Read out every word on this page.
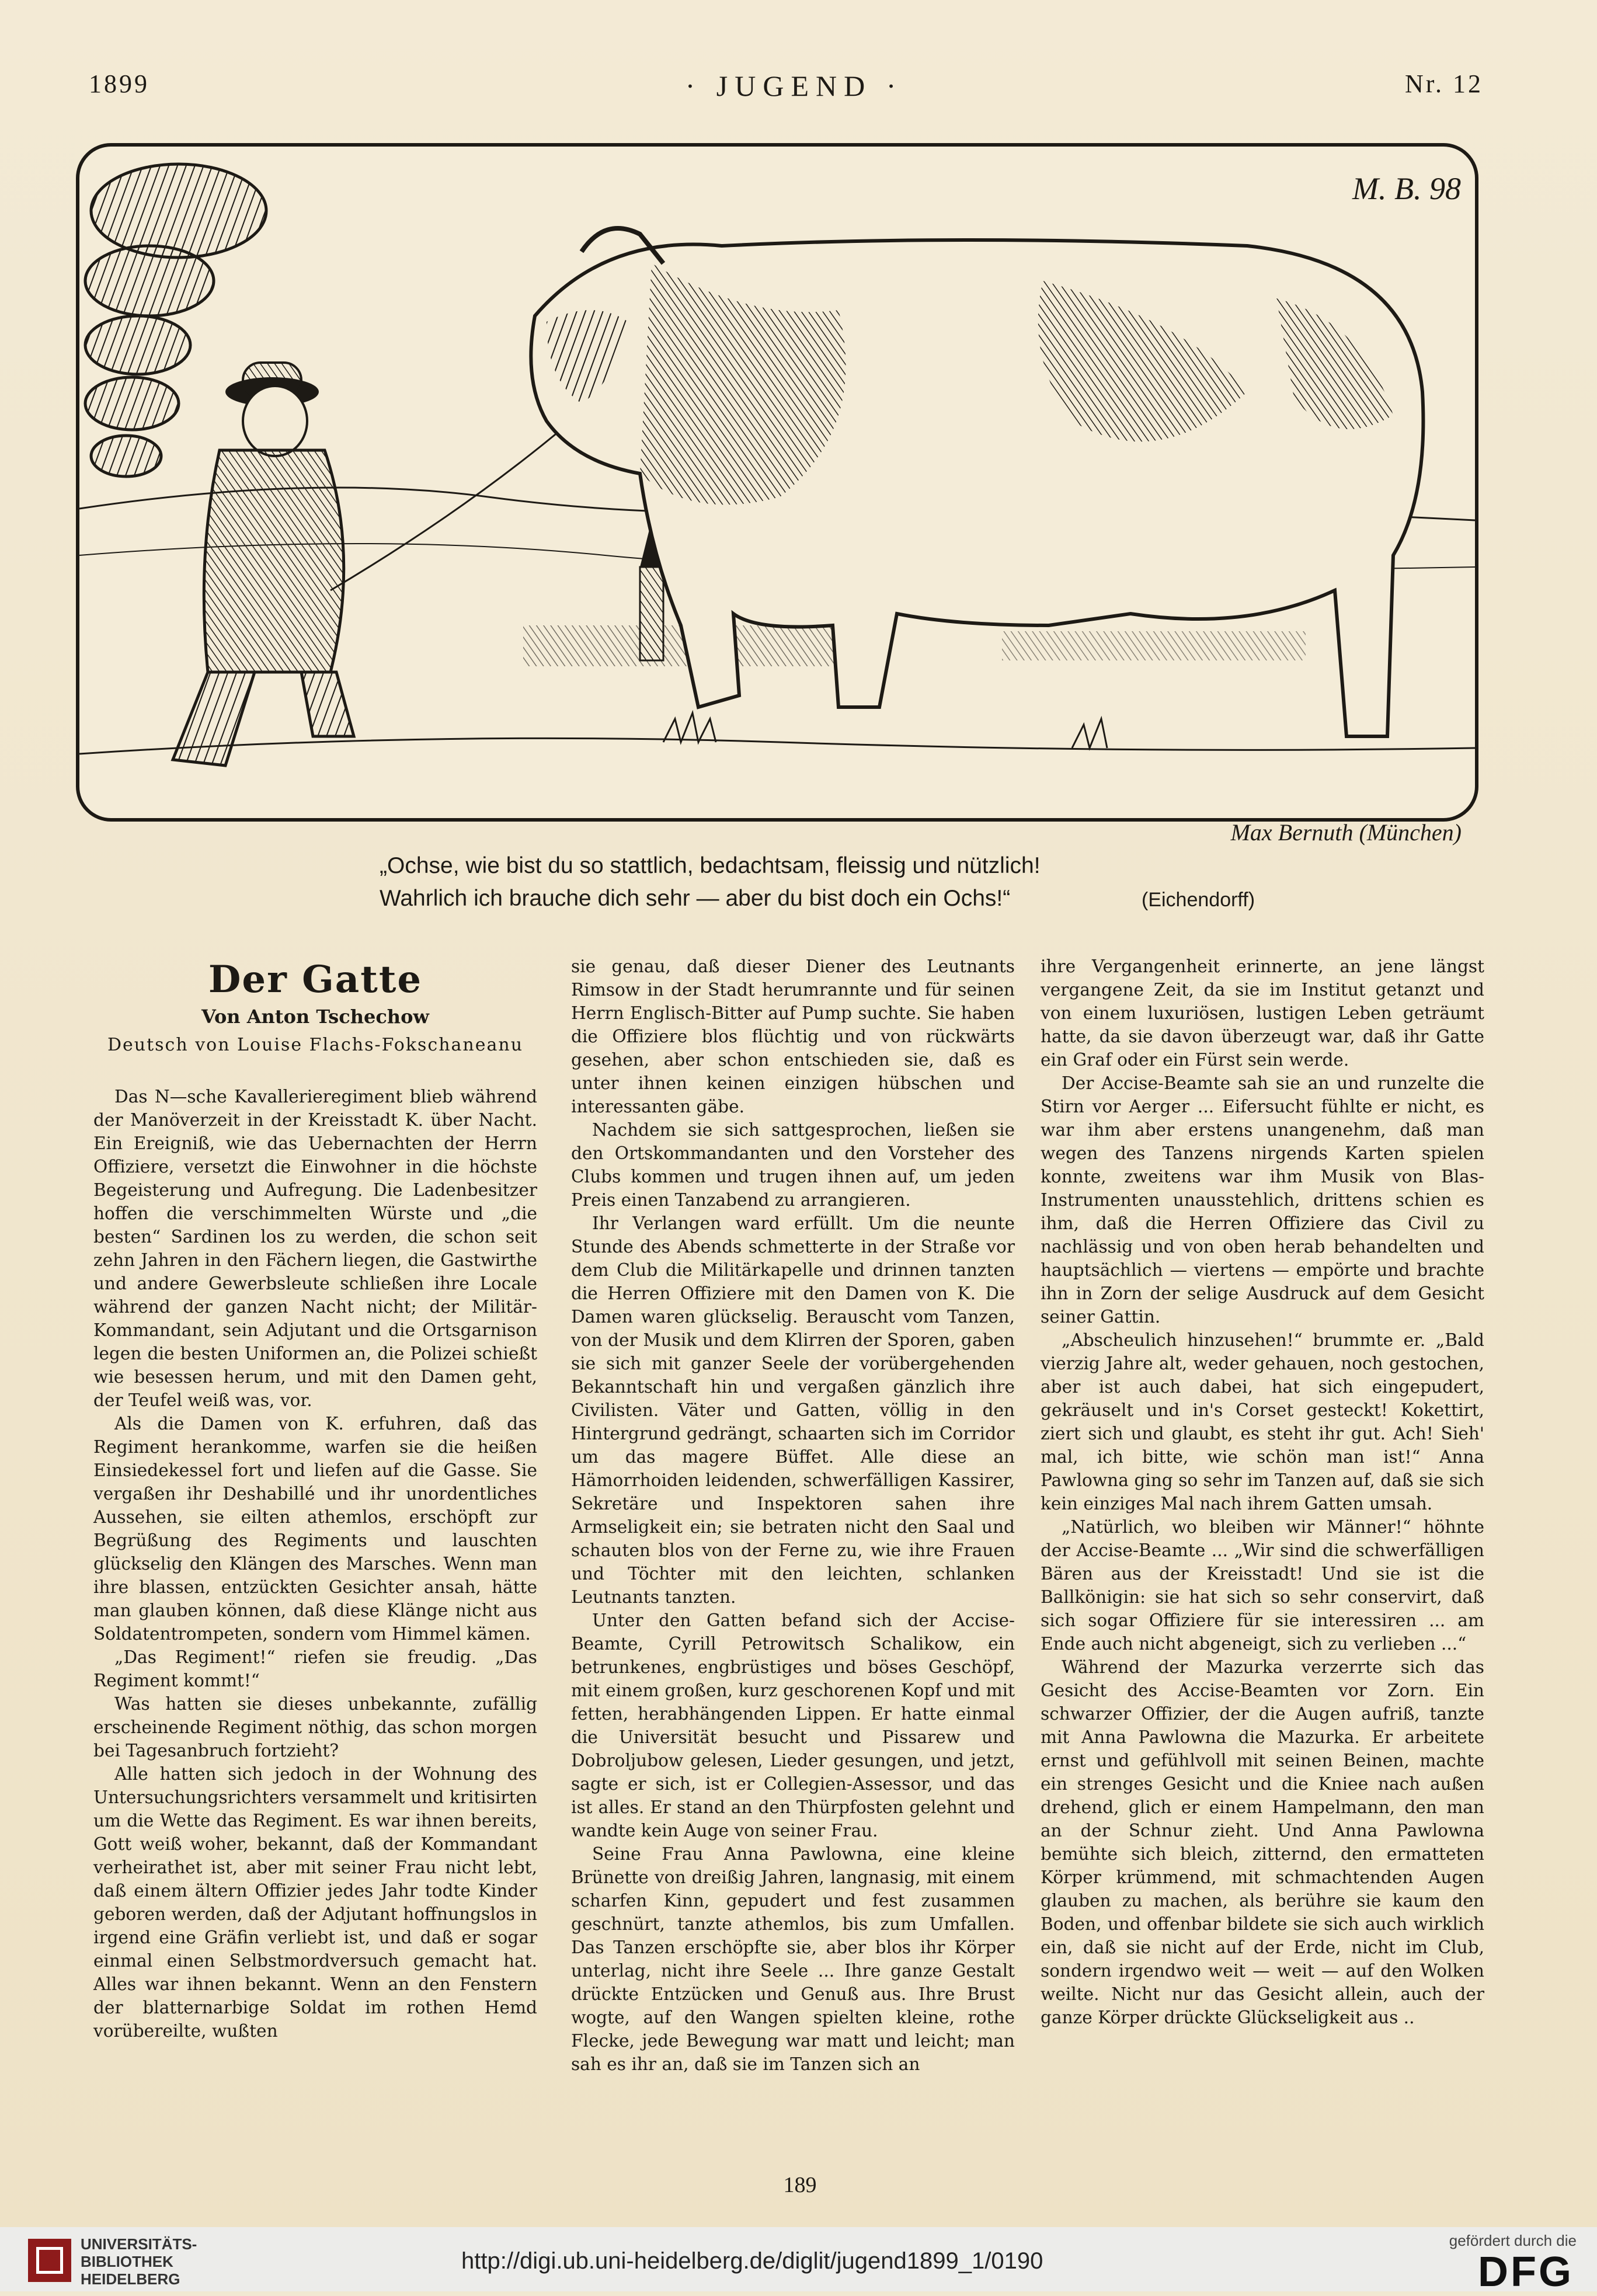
1899	· JUGEND ·	Nr. 12
M. B. 98
Max Bernuth (München)
„Ochse, wie bist du so stattlich, bedachtsam, fleissig und nützlich!
Wahrlich ich brauche dich sehr — aber du bist doch ein Ochs!“	(Eichendorff)
Der Gatte
Von Anton Tschechow
Deutsch von Louise Flachs-Fokschaneanu

Das N—sche Kavallerieregiment blieb während der Manöverzeit in der Kreisstadt K. über Nacht. Ein Ereigniß, wie das Uebernachten der Herrn Offiziere, versetzt die Einwohner in die höchste Begeisterung und Aufregung. Die Ladenbesitzer hoffen die verschimmelten Würste und „die besten“ Sardinen los zu werden, die schon seit zehn Jahren in den Fächern liegen, die Gastwirthe und andere Gewerbsleute schließen ihre Locale während der ganzen Nacht nicht; der Militär-Kommandant, sein Adjutant und die Ortsgarnison legen die besten Uniformen an, die Polizei schießt wie besessen herum, und mit den Damen geht, der Teufel weiß was, vor.

Als die Damen von K. erfuhren, daß das Regiment herankomme, warfen sie die heißen Einsiedekessel fort und liefen auf die Gasse. Sie vergaßen ihr Deshabillé und ihr unordentliches Aussehen, sie eilten athemlos, erschöpft zur Begrüßung des Regiments und lauschten glückselig den Klängen des Marsches. Wenn man ihre blassen, entzückten Gesichter ansah, hätte man glauben können, daß diese Klänge nicht aus Soldatentrompeten, sondern vom Himmel kämen.

„Das Regiment!“ riefen sie freudig. „Das Regiment kommt!“

Was hatten sie dieses unbekannte, zufällig erscheinende Regiment nöthig, das schon morgen bei Tagesanbruch fortzieht?

Alle hatten sich jedoch in der Wohnung des Untersuchungsrichters versammelt und kritisirten um die Wette das Regiment. Es war ihnen bereits, Gott weiß woher, bekannt, daß der Kommandant verheirathet ist, aber mit seiner Frau nicht lebt, daß einem ältern Offizier jedes Jahr todte Kinder geboren werden, daß der Adjutant hoffnungslos in irgend eine Gräfin verliebt ist, und daß er sogar einmal einen Selbstmordversuch gemacht hat. Alles war ihnen bekannt. Wenn an den Fenstern der blatternarbige Soldat im rothen Hemd vorübereilte, wußten

sie genau, daß dieser Diener des Leutnants Rimsow in der Stadt herumrannte und für seinen Herrn Englisch-Bitter auf Pump suchte. Sie haben die Offiziere blos flüchtig und von rückwärts gesehen, aber schon entschieden sie, daß es unter ihnen keinen einzigen hübschen und interessanten gäbe.

Nachdem sie sich sattgesprochen, ließen sie den Ortskommandanten und den Vorsteher des Clubs kommen und trugen ihnen auf, um jeden Preis einen Tanzabend zu arrangieren.

Ihr Verlangen ward erfüllt. Um die neunte Stunde des Abends schmetterte in der Straße vor dem Club die Militärkapelle und drinnen tanzten die Herren Offiziere mit den Damen von K. Die Damen waren glückselig. Berauscht vom Tanzen, von der Musik und dem Klirren der Sporen, gaben sie sich mit ganzer Seele der vorübergehenden Bekanntschaft hin und vergaßen gänzlich ihre Civilisten. Väter und Gatten, völlig in den Hintergrund gedrängt, schaarten sich im Corridor um das magere Büffet. Alle diese an Hämorrhoiden leidenden, schwerfälligen Kassirer, Sekretäre und Inspektoren sahen ihre Armseligkeit ein; sie betraten nicht den Saal und schauten blos von der Ferne zu, wie ihre Frauen und Töchter mit den leichten, schlanken Leutnants tanzten.

Unter den Gatten befand sich der Accise-Beamte, Cyrill Petrowitsch Schalikow, ein betrunkenes, engbrüstiges und böses Geschöpf, mit einem großen, kurz geschorenen Kopf und mit fetten, herabhängenden Lippen. Er hatte einmal die Universität besucht und Pissarew und Dobroljubow gelesen, Lieder gesungen, und jetzt, sagte er sich, ist er Collegien-Assessor, und das ist alles. Er stand an den Thürpfosten gelehnt und wandte kein Auge von seiner Frau.

Seine Frau Anna Pawlowna, eine kleine Brünette von dreißig Jahren, langnasig, mit einem scharfen Kinn, gepudert und fest zusammen geschnürt, tanzte athemlos, bis zum Umfallen. Das Tanzen erschöpfte sie, aber blos ihr Körper unterlag, nicht ihre Seele ... Ihre ganze Gestalt drückte Entzücken und Genuß aus. Ihre Brust wogte, auf den Wangen spielten kleine, rothe Flecke, jede Bewegung war matt und leicht; man sah es ihr an, daß sie im Tanzen sich an

ihre Vergangenheit erinnerte, an jene längst vergangene Zeit, da sie im Institut getanzt und von einem luxuriösen, lustigen Leben geträumt hatte, da sie davon überzeugt war, daß ihr Gatte ein Graf oder ein Fürst sein werde.

Der Accise-Beamte sah sie an und runzelte die Stirn vor Aerger ... Eifersucht fühlte er nicht, es war ihm aber erstens unangenehm, daß man wegen des Tanzens nirgends Karten spielen konnte, zweitens war ihm Musik von Blas-Instrumenten unausstehlich, drittens schien es ihm, daß die Herren Offiziere das Civil zu nachlässig und von oben herab behandelten und hauptsächlich — viertens — empörte und brachte ihn in Zorn der selige Ausdruck auf dem Gesicht seiner Gattin.

„Abscheulich hinzusehen!“ brummte er. „Bald vierzig Jahre alt, weder gehauen, noch gestochen, aber ist auch dabei, hat sich eingepudert, gekräuselt und in's Corset gesteckt! Kokettirt, ziert sich und glaubt, es steht ihr gut. Ach! Sieh' mal, ich bitte, wie schön man ist!“ Anna Pawlowna ging so sehr im Tanzen auf, daß sie sich kein einziges Mal nach ihrem Gatten umsah.

„Natürlich, wo bleiben wir Männer!“ höhnte der Accise-Beamte ... „Wir sind die schwerfälligen Bären aus der Kreisstadt! Und sie ist die Ballkönigin: sie hat sich so sehr conservirt, daß sich sogar Offiziere für sie interessiren ... am Ende auch nicht abgeneigt, sich zu verlieben ...“

Während der Mazurka verzerrte sich das Gesicht des Accise-Beamten vor Zorn. Ein schwarzer Offizier, der die Augen aufriß, tanzte mit Anna Pawlowna die Mazurka. Er arbeitete ernst und gefühlvoll mit seinen Beinen, machte ein strenges Gesicht und die Kniee nach außen drehend, glich er einem Hampelmann, den man an der Schnur zieht. Und Anna Pawlowna bemühte sich bleich, zitternd, den ermatteten Körper krümmend, mit schmachtenden Augen glauben zu machen, als berühre sie kaum den Boden, und offenbar bildete sie sich auch wirklich ein, daß sie nicht auf der Erde, nicht im Club, sondern irgendwo weit — weit — auf den Wolken weilte. Nicht nur das Gesicht allein, auch der ganze Körper drückte Glückseligkeit aus ..

189
UNIVERSITÄTS-
BIBLIOTHEK
HEIDELBERG
http://digi.ub.uni-heidelberg.de/diglit/jugend1899_1/0190
gefördert durch die
DFG
